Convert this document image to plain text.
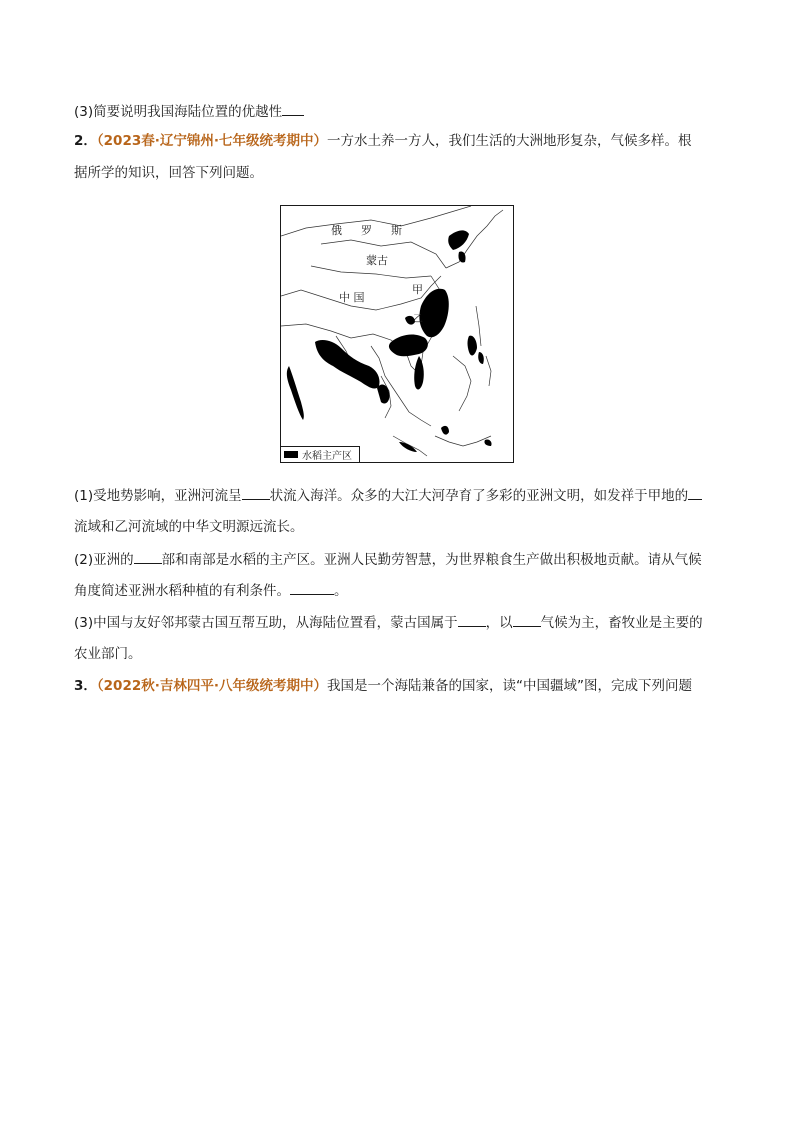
(3)简要说明我国海陆位置的优越性
2．（2023春·辽宁锦州·七年级统考期中）一方水土养一方人，我们生活的大洲地形复杂，气候多样。根
据所学的知识，回答下列问题。
俄 罗 斯
蒙古
中 国
甲
乙
水稻主产区
(1)受地势影响，亚洲河流呈 状流入海洋。众多的大江大河孕育了多彩的亚洲文明，如发祥于甲地的
流域和乙河流域的中华文明源远流长。
(2)亚洲的 部和南部是水稻的主产区。亚洲人民勤劳智慧，为世界粮食生产做出积极地贡献。请从气候
角度简述亚洲水稻种植的有利条件。	。
(3)中国与友好邻邦蒙古国互帮互助，从海陆位置看，蒙古国属于 ，以 气候为主，畜牧业是主要的
农业部门。
3．（2022秋·吉林四平·八年级统考期中）我国是一个海陆兼备的国家，读“中国疆域”图，完成下列问题
